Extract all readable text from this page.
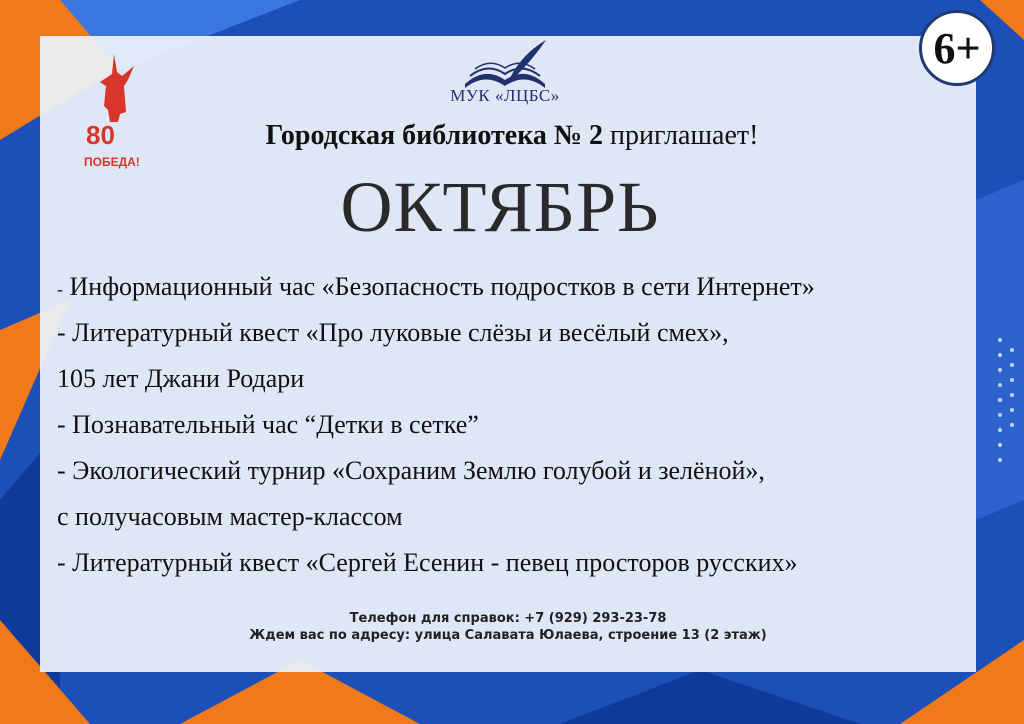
6+
80
ПОБЕДА!
МУК «ЛЦБС»
Городская библиотека № 2 приглашает!
ОКТЯБРЬ
- Информационный час «Безопасность подростков в сети Интернет»
- Литературный квест «Про луковые слёзы и весёлый смех»,
105 лет Джани Родари
- Познавательный час “Детки в сетке”
- Экологический турнир «Сохраним Землю голубой и зелёной»,
с получасовым мастер-классом
- Литературный квест «Сергей Есенин - певец просторов русских»
Телефон для справок: +7 (929) 293-23-78
Ждем вас по адресу: улица Салавата Юлаева, строение 13 (2 этаж)
